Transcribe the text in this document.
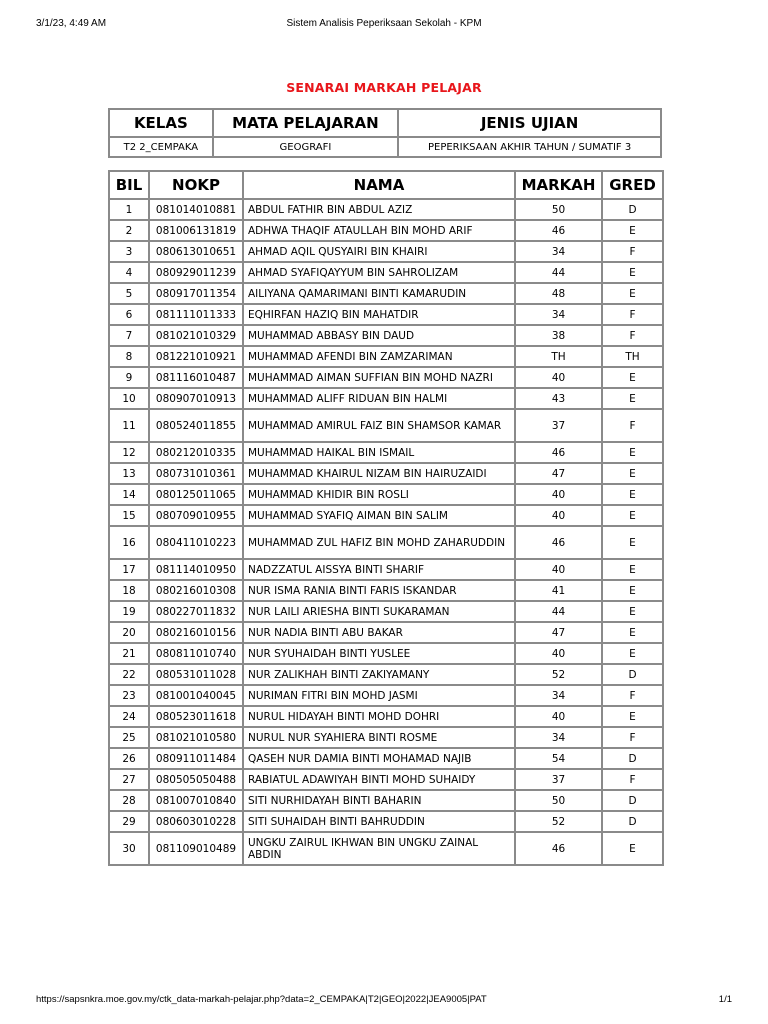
3/1/23, 4:49 AM	Sistem Analisis Peperiksaan Sekolah - KPM
SENARAI MARKAH PELAJAR
KELAS	MATA PELAJARAN	JENIS UJIAN
T2 2_CEMPAKA	GEOGRAFI	PEPERIKSAAN AKHIR TAHUN / SUMATIF 3
BIL	NOKP	NAMA	MARKAH	GRED
1	081014010881	ABDUL FATHIR BIN ABDUL AZIZ	50	D
2	081006131819	ADHWA THAQIF ATAULLAH BIN MOHD ARIF	46	E
3	080613010651	AHMAD AQIL QUSYAIRI BIN KHAIRI	34	F
4	080929011239	AHMAD SYAFIQAYYUM BIN SAHROLIZAM	44	E
5	080917011354	AILIYANA QAMARIMANI BINTI KAMARUDIN	48	E
6	081111011333	EQHIRFAN HAZIQ BIN MAHATDIR	34	F
7	081021010329	MUHAMMAD ABBASY BIN DAUD	38	F
8	081221010921	MUHAMMAD AFENDI BIN ZAMZARIMAN	TH	TH
9	081116010487	MUHAMMAD AIMAN SUFFIAN BIN MOHD NAZRI	40	E
10	080907010913	MUHAMMAD ALIFF RIDUAN BIN HALMI	43	E
11	080524011855	MUHAMMAD AMIRUL FAIZ BIN SHAMSOR KAMAR	37	F
12	080212010335	MUHAMMAD HAIKAL BIN ISMAIL	46	E
13	080731010361	MUHAMMAD KHAIRUL NIZAM BIN HAIRUZAIDI	47	E
14	080125011065	MUHAMMAD KHIDIR BIN ROSLI	40	E
15	080709010955	MUHAMMAD SYAFIQ AIMAN BIN SALIM	40	E
16	080411010223	MUHAMMAD ZUL HAFIZ BIN MOHD ZAHARUDDIN	46	E
17	081114010950	NADZZATUL AISSYA BINTI SHARIF	40	E
18	080216010308	NUR ISMA RANIA BINTI FARIS ISKANDAR	41	E
19	080227011832	NUR LAILI ARIESHA BINTI SUKARAMAN	44	E
20	080216010156	NUR NADIA BINTI ABU BAKAR	47	E
21	080811010740	NUR SYUHAIDAH BINTI YUSLEE	40	E
22	080531011028	NUR ZALIKHAH BINTI ZAKIYAMANY	52	D
23	081001040045	NURIMAN FITRI BIN MOHD JASMI	34	F
24	080523011618	NURUL HIDAYAH BINTI MOHD DOHRI	40	E
25	081021010580	NURUL NUR SYAHIERA BINTI ROSME	34	F
26	080911011484	QASEH NUR DAMIA BINTI MOHAMAD NAJIB	54	D
27	080505050488	RABIATUL ADAWIYAH BINTI MOHD SUHAIDY	37	F
28	081007010840	SITI NURHIDAYAH BINTI BAHARIN	50	D
29	080603010228	SITI SUHAIDAH BINTI BAHRUDDIN	52	D
30	081109010489	UNGKU ZAIRUL IKHWAN BIN UNGKU ZAINAL ABDIN	46	E
https://sapsnkra.moe.gov.my/ctk_data-markah-pelajar.php?data=2_CEMPAKA|T2|GEO|2022|JEA9005|PAT	1/1
